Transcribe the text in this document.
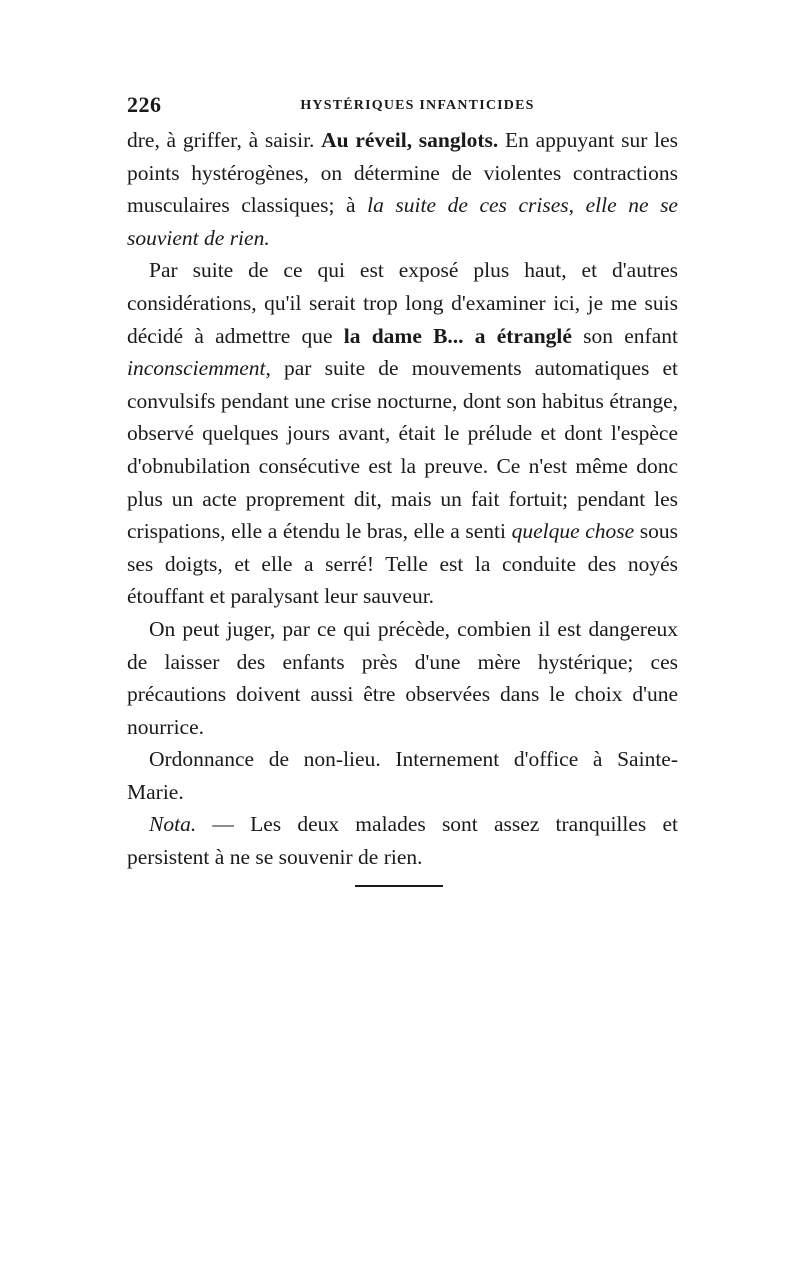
226	HYSTÉRIQUES INFANTICIDES

dre, à griffer, à saisir. Au réveil, sanglots. En appuyant sur les points hystérogènes, on détermine de violentes contractions musculaires classiques; à la suite de ces crises, elle ne se souvient de rien.

Par suite de ce qui est exposé plus haut, et d'autres considérations, qu'il serait trop long d'examiner ici, je me suis décidé à admettre que la dame B... a étranglé son enfant inconsciemment, par suite de mouvements automatiques et convulsifs pendant une crise nocturne, dont son habitus étrange, observé quelques jours avant, était le prélude et dont l'espèce d'obnubilation consécutive est la preuve. Ce n'est même donc plus un acte proprement dit, mais un fait fortuit; pendant les crispations, elle a étendu le bras, elle a senti quelque chose sous ses doigts, et elle a serré! Telle est la conduite des noyés étouffant et paralysant leur sauveur.

On peut juger, par ce qui précède, combien il est dangereux de laisser des enfants près d'une mère hystérique; ces précautions doivent aussi être observées dans le choix d'une nourrice.

Ordonnance de non-lieu. Internement d'office à Sainte-Marie.

Nota. — Les deux malades sont assez tranquilles et persistent à ne se souvenir de rien.
